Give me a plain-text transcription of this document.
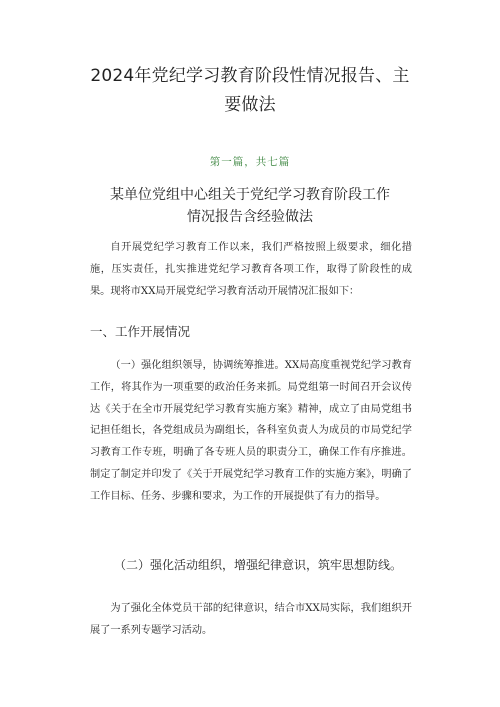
2024年党纪学习教育阶段性情况报告、主
要做法
第一篇，共七篇
某单位党组中心组关于党纪学习教育阶段工作
情况报告含经验做法
自开展党纪学习教育工作以来，我们严格按照上级要求，细化措施，压实责任，扎实推进党纪学习教育各项工作，取得了阶段性的成果。现将市XX局开展党纪学习教育活动开展情况汇报如下：
一、工作开展情况
（一）强化组织领导，协调统筹推进。XX局高度重视党纪学习教育工作，将其作为一项重要的政治任务来抓。局党组第一时间召开会议传达《关于在全市开展党纪学习教育实施方案》精神，成立了由局党组书记担任组长，各党组成员为副组长，各科室负责人为成员的市局党纪学习教育工作专班，明确了各专班人员的职责分工，确保工作有序推进。制定了制定并印发了《关于开展党纪学习教育工作的实施方案》，明确了工作目标、任务、步骤和要求，为工作的开展提供了有力的指导。
（二）强化活动组织，增强纪律意识，筑牢思想防线。
为了强化全体党员干部的纪律意识，结合市XX局实际，我们组织开展了一系列专题学习活动。
